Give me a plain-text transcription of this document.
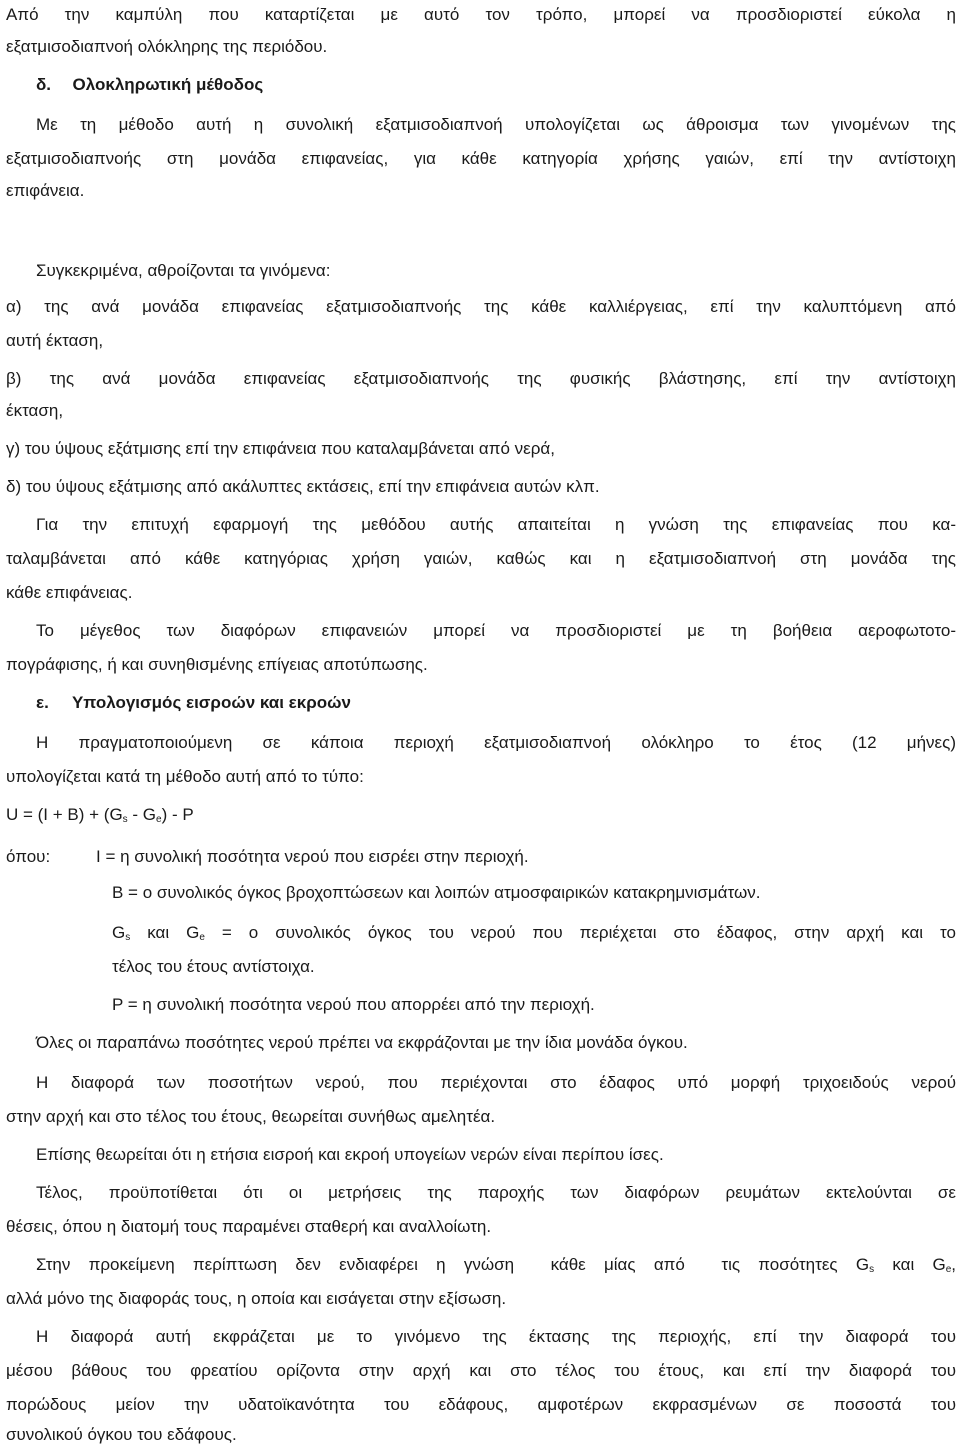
Από την καμπύλη που καταρτίζεται με αυτό τον τρόπο, μπορεί να προσδιοριστεί εύκολα η
εξατμισοδιαπνοή ολόκληρης της περιόδου.
δ. Ολοκληρωτική μέθοδος
Με τη μέθοδο αυτή η συνολική εξατμισοδιαπνοή υπολογίζεται ως άθροισμα των γινομένων της
εξατμισοδιαπνοής στη μονάδα επιφανείας, για κάθε κατηγορία χρήσης γαιών, επί την αντίστοιχη
επιφάνεια.
Συγκεκριμένα, αθροίζονται τα γινόμενα:
α) της ανά μονάδα επιφανείας εξατμισοδιαπνοής της κάθε καλλιέργειας, επί την καλυπτόμενη από
αυτή έκταση,
β) της ανά μονάδα επιφανείας εξατμισοδιαπνοής της φυσικής βλάστησης, επί την αντίστοιχη
έκταση,
γ) του ύψους εξάτμισης επί την επιφάνεια που καταλαμβάνεται από νερά,
δ) του ύψους εξάτμισης από ακάλυπτες εκτάσεις, επί την επιφάνεια αυτών κλπ.
Για την επιτυχή εφαρμογή της μεθόδου αυτής απαιτείται η γνώση της επιφανείας που κα-
ταλαμβάνεται από κάθε κατηγόριας χρήση γαιών, καθώς και η εξατμισοδιαπνοή στη μονάδα της
κάθε επιφάνειας.
Το μέγεθος των διαφόρων επιφανειών μπορεί να προσδιοριστεί με τη βοήθεια αεροφωτοτο-
πογράφισης, ή και συνηθισμένης επίγειας αποτύπωσης.
ε. Υπολογισμός εισροών και εκροών
Η πραγματοποιούμενη σε κάποια περιοχή εξατμισοδιαπνοή ολόκληρο το έτος (12 μήνες)
υπολογίζεται κατά τη μέθοδο αυτή από το τύπο:
$U = (I + B) + (G_s - G_e) - P$
όπου:	I = η συνολική ποσότητα νερού που εισρέει στην περιοχή.
B = ο συνολικός όγκος βροχοπτώσεων και λοιπών ατμοσφαιρικών κατακρημνισμάτων.
$G_s$ και $G_e = o$ συνολικός όγκος του νερού που περιέχεται στο έδαφος, στην αρχή και το
τέλος του έτους αντίστοιχα.
P = η συνολική ποσότητα νερού που απορρέει από την περιοχή.
Όλες οι παραπάνω ποσότητες νερού πρέπει να εκφράζονται με την ίδια μονάδα όγκου.
Η διαφορά των ποσοτήτων νερού, που περιέχονται στο έδαφος υπό μορφή τριχοειδούς νερού
στην αρχή και στο τέλος του έτους, θεωρείται συνήθως αμελητέα.
Επίσης θεωρείται ότι η ετήσια εισροή και εκροή υπογείων νερών είναι περίπου ίσες.
Τέλος, προϋποτίθεται ότι οι μετρήσεις της παροχής των διαφόρων ρευμάτων εκτελούνται σε
θέσεις, όπου η διατομή τους παραμένει σταθερή και αναλλοίωτη.
Στην προκείμενη περίπτωση δεν ενδιαφέρει η γνώση  κάθε μίας από  τις ποσότητες $G_s$ και $G_e$,
αλλά μόνο της διαφοράς τους, η οποία και εισάγεται στην εξίσωση.
Η διαφορά αυτή εκφράζεται με το γινόμενο της έκτασης της περιοχής, επί την διαφορά του
μέσου βάθους του φρεατίου ορίζοντα στην αρχή και στο τέλος του έτους, και επί την διαφορά του
πορώδους μείον την υδατοϊκανότητα του εδάφους, αμφοτέρων εκφρασμένων σε ποσοστά του
συνολικού όγκου του εδάφους.
